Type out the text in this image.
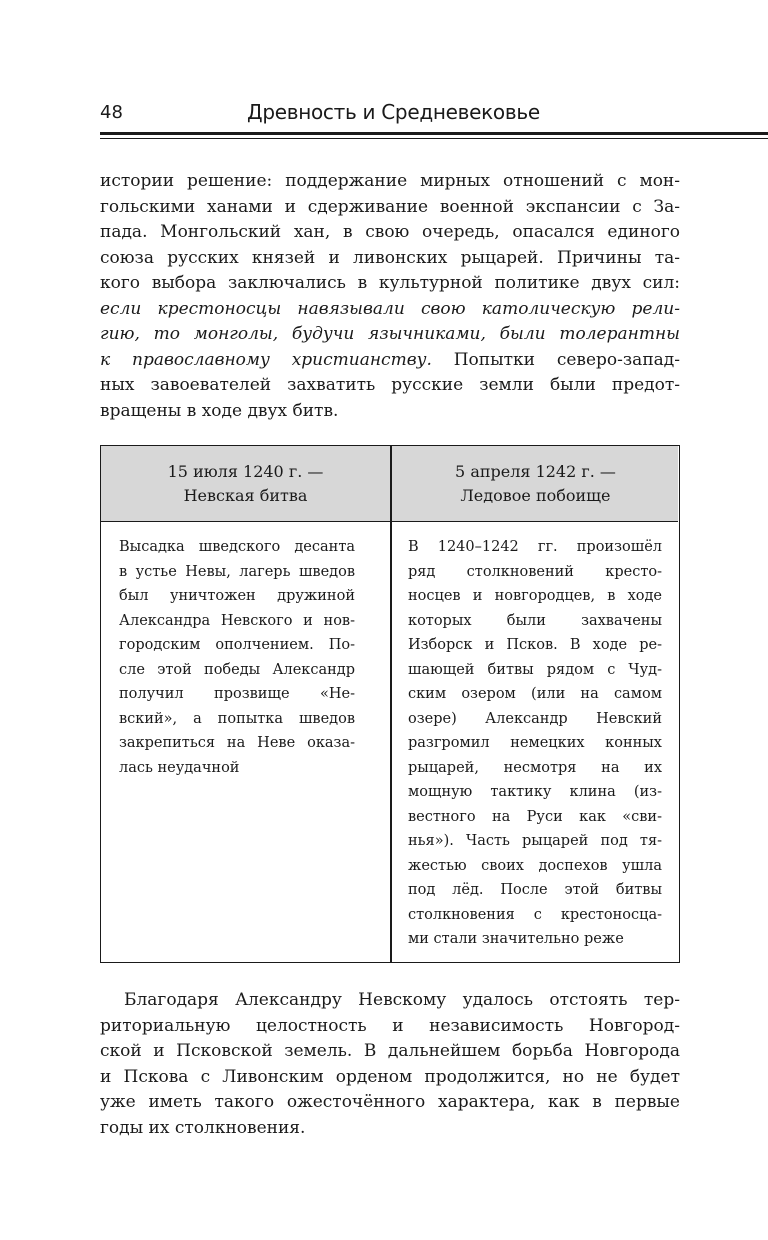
48	Древность и Средневековье
истории решение: поддержание мирных отношений с мон-
гольскими ханами и сдерживание военной экспансии с За-
пада. Монгольский хан, в свою очередь, опасался единого
союза русских князей и ливонских рыцарей. Причины та-
кого выбора заключались в культурной политике двух сил:
если крестоносцы навязывали свою католическую рели-
гию, то монголы, будучи язычниками, были толерантны
к православному христианству. Попытки северо-запад-
ных завоевателей захватить русские земли были предот-
вращены в ходе двух битв.
15 июля 1240 г. —
Невская битва
5 апреля 1242 г. —
Ледовое побоище
Высадка шведского десанта
в устье Невы, лагерь шведов
был уничтожен дружиной
Александра Невского и нов-
городским ополчением. По-
сле этой победы Александр
получил прозвище «Не-
вский», а попытка шведов
закрепиться на Неве оказа-
лась неудачной
В 1240–1242 гг. произошёл
ряд столкновений кресто-
носцев и новгородцев, в ходе
которых были захвачены
Изборск и Псков. В ходе ре-
шающей битвы рядом с Чуд-
ским озером (или на самом
озере) Александр Невский
разгромил немецких конных
рыцарей, несмотря на их
мощную тактику клина (из-
вестного на Руси как «сви-
нья»). Часть рыцарей под тя-
жестью своих доспехов ушла
под лёд. После этой битвы
столкновения с крестоносца-
ми стали значительно реже
Благодаря Александру Невскому удалось отстоять тер-
риториальную целостность и независимость Новгород-
ской и Псковской земель. В дальнейшем борьба Новгорода
и Пскова с Ливонским орденом продолжится, но не будет
уже иметь такого ожесточённого характера, как в первые
годы их столкновения.
